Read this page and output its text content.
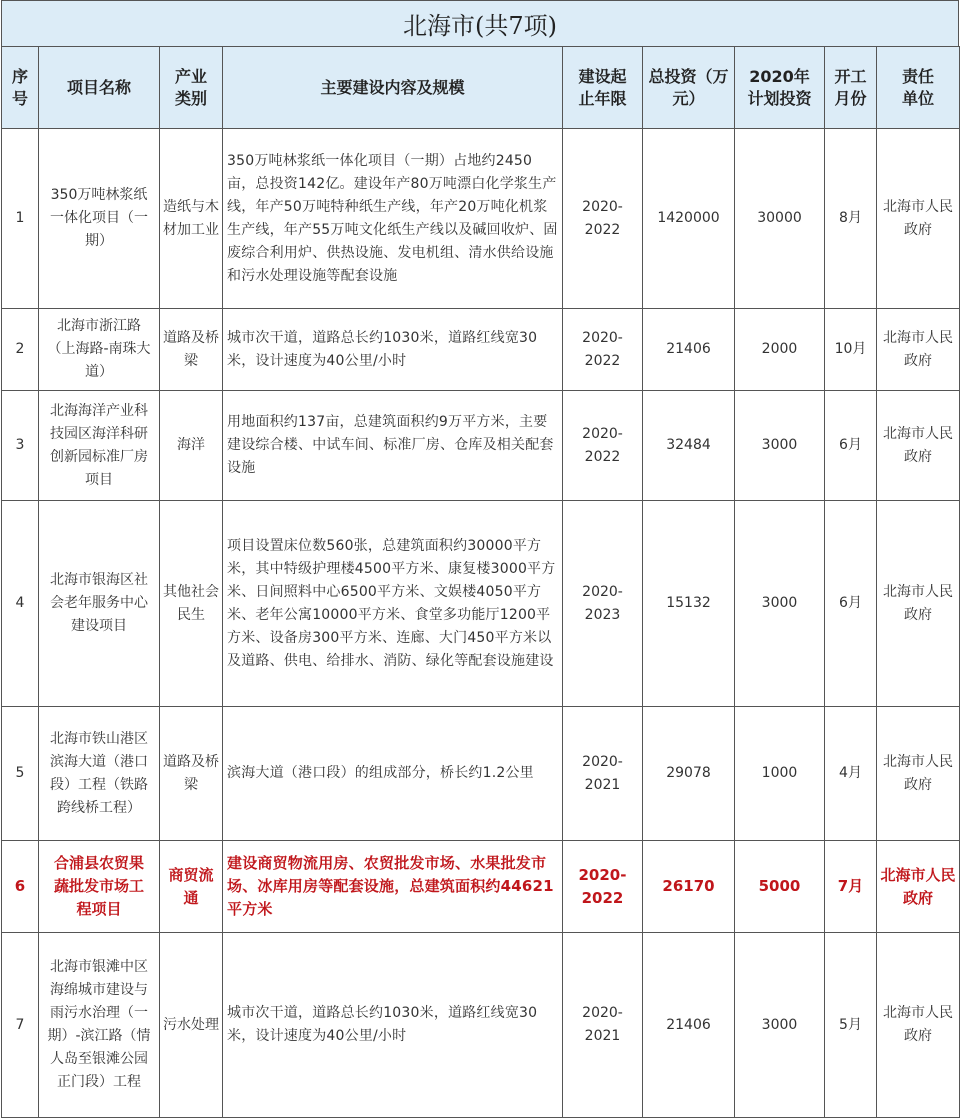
北海市(共7项)
序号	项目名称	产业类别	主要建设内容及规模	建设起止年限	总投资（万元）	2020年计划投资	开工月份	责任单位
1	350万吨林浆纸一体化项目（一期）	造纸与木材加工业	350万吨林浆纸一体化项目（一期）占地约2450亩，总投资142亿。建设年产80万吨漂白化学浆生产线，年产50万吨特种纸生产线，年产20万吨化机浆生产线，年产55万吨文化纸生产线以及碱回收炉、固废综合利用炉、供热设施、发电机组、清水供给设施和污水处理设施等配套设施	2020-2022	1420000	30000	8月	北海市人民政府
2	北海市浙江路（上海路-南珠大道）	道路及桥梁	城市次干道，道路总长约1030米，道路红线宽30米，设计速度为40公里/小时	2020-2022	21406	2000	10月	北海市人民政府
3	北海海洋产业科技园区海洋科研创新园标准厂房项目	海洋	用地面积约137亩，总建筑面积约9万平方米，主要建设综合楼、中试车间、标准厂房、仓库及相关配套设施	2020-2022	32484	3000	6月	北海市人民政府
4	北海市银海区社会老年服务中心建设项目	其他社会民生	项目设置床位数560张，总建筑面积约30000平方米，其中特级护理楼4500平方米、康复楼3000平方米、日间照料中心6500平方米、文娱楼4050平方米、老年公寓10000平方米、食堂多功能厅1200平方米、设备房300平方米、连廊、大门450平方米以及道路、供电、给排水、消防、绿化等配套设施建设	2020-2023	15132	3000	6月	北海市人民政府
5	北海市铁山港区滨海大道（港口段）工程（铁路跨线桥工程）	道路及桥梁	滨海大道（港口段）的组成部分，桥长约1.2公里	2020-2021	29078	1000	4月	北海市人民政府
6	合浦县农贸果蔬批发市场工程项目	商贸流通	建设商贸物流用房、农贸批发市场、水果批发市场、冰库用房等配套设施，总建筑面积约44621平方米	2020-2022	26170	5000	7月	北海市人民政府
7	北海市银滩中区海绵城市建设与雨污水治理（一期）-滨江路（情人岛至银滩公园正门段）工程	污水处理	城市次干道，道路总长约1030米，道路红线宽30米，设计速度为40公里/小时	2020-2021	21406	3000	5月	北海市人民政府
